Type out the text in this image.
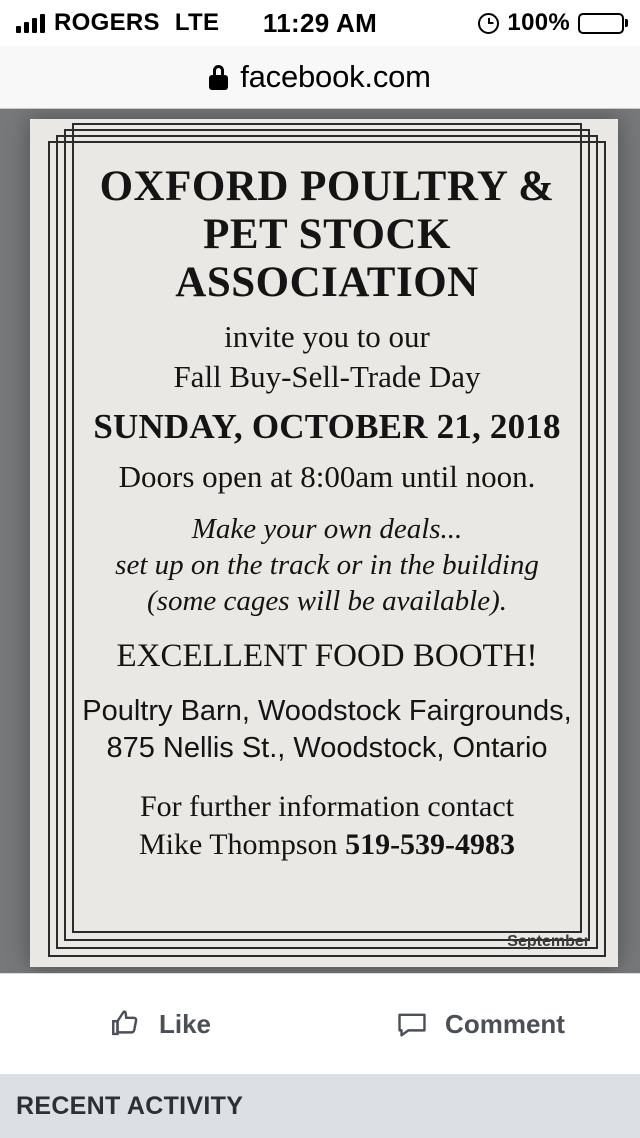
ROGERS LTE 11:29 AM	100%
facebook.com
OXFORD POULTRY &
PET STOCK
ASSOCIATION
invite you to our
Fall Buy-Sell-Trade Day
SUNDAY, OCTOBER 21, 2018
Doors open at 8:00am until noon.
Make your own deals...
set up on the track or in the building
(some cages will be available).
EXCELLENT FOOD BOOTH!
Poultry Barn, Woodstock Fairgrounds,
875 Nellis St., Woodstock, Ontario
For further information contact
Mike Thompson 519-539-4983
September
Like	Comment
RECENT ACTIVITY
